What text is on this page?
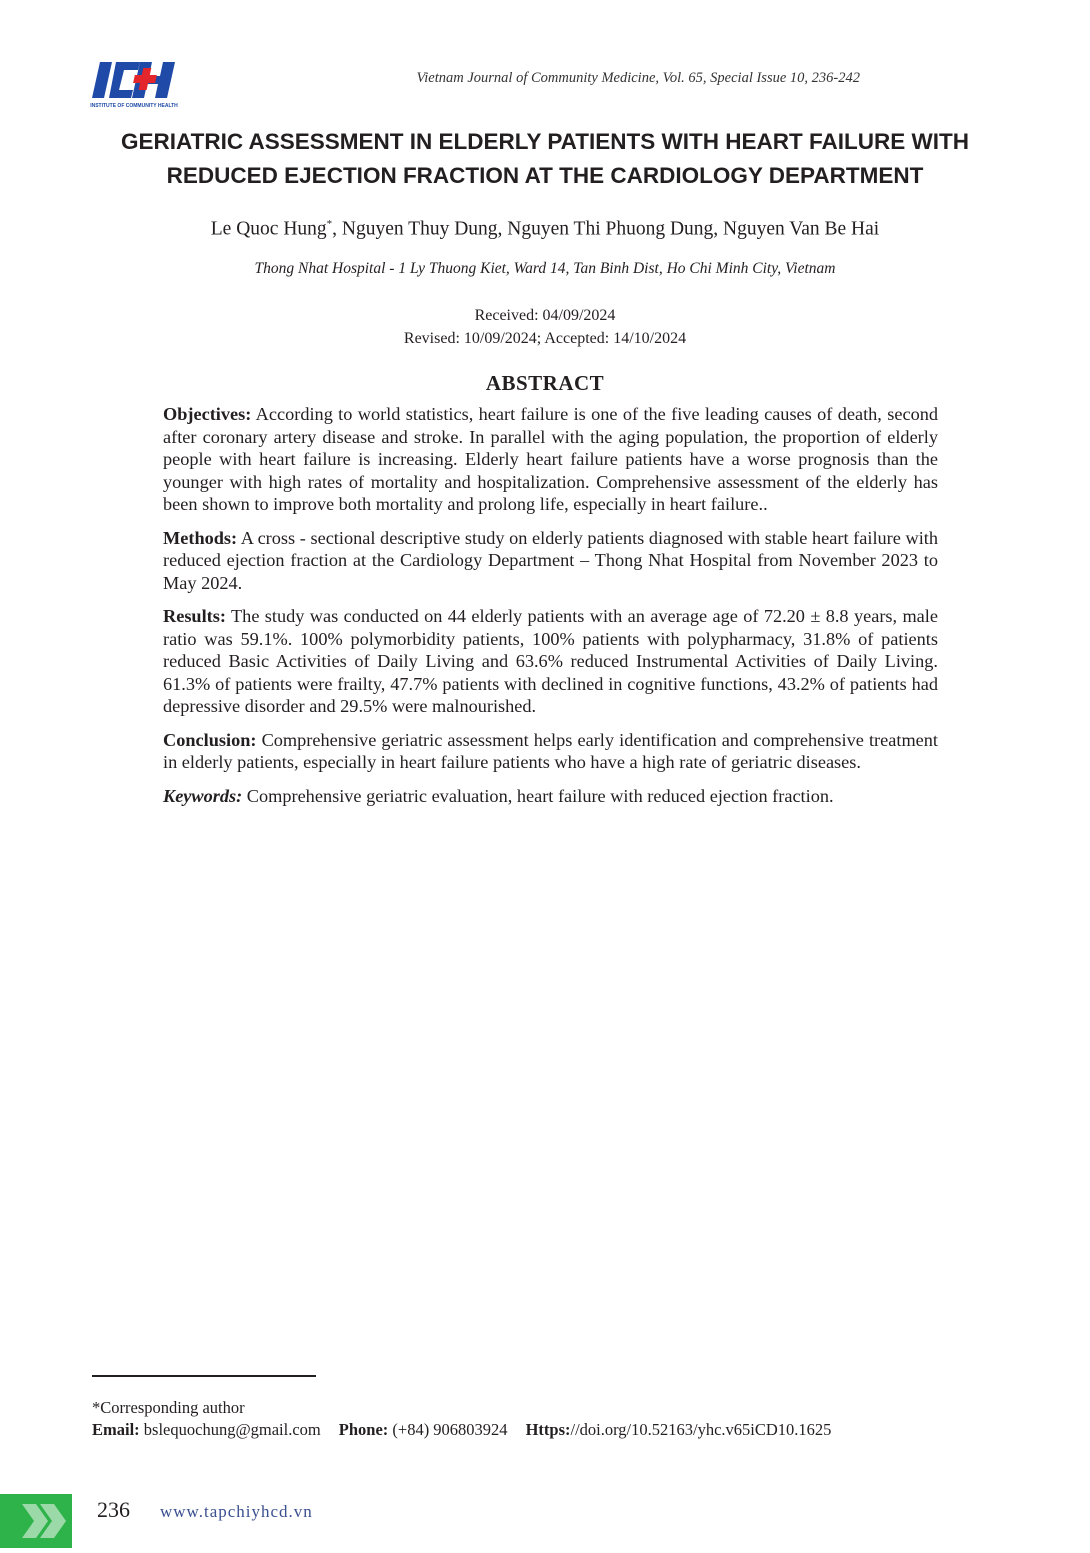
INSTITUTE OF COMMUNITY HEALTH
Vietnam Journal of Community Medicine, Vol. 65, Special Issue 10, 236-242
GERIATRIC ASSESSMENT IN ELDERLY PATIENTS WITH HEART FAILURE WITH
REDUCED EJECTION FRACTION AT THE CARDIOLOGY DEPARTMENT
Le Quoc Hung*, Nguyen Thuy Dung, Nguyen Thi Phuong Dung, Nguyen Van Be Hai
Thong Nhat Hospital - 1 Ly Thuong Kiet, Ward 14, Tan Binh Dist, Ho Chi Minh City, Vietnam
Received: 04/09/2024
Revised: 10/09/2024; Accepted: 14/10/2024
ABSTRACT

Objectives: According to world statistics, heart failure is one of the five leading causes of death, second after coronary artery disease and stroke. In parallel with the aging population, the proportion of elderly people with heart failure is increasing. Elderly heart failure patients have a worse prognosis than the younger with high rates of mortality and hospitalization. Comprehensive assessment of the elderly has been shown to improve both mortality and prolong life, especially in heart failure..

Methods: A cross - sectional descriptive study on elderly patients diagnosed with stable heart failure with reduced ejection fraction at the Cardiology Department – Thong Nhat Hospital from November 2023 to May 2024.

Results: The study was conducted on 44 elderly patients with an average age of 72.20 ± 8.8 years, male ratio was 59.1%. 100% polymorbidity patients, 100% patients with polypharmacy, 31.8% of patients reduced Basic Activities of Daily Living and 63.6% reduced Instrumental Activities of Daily Living. 61.3% of patients were frailty, 47.7% patients with declined in cognitive functions, 43.2% of patients had depressive disorder and 29.5% were malnourished.

Conclusion: Comprehensive geriatric assessment helps early identification and comprehensive treatment in elderly patients, especially in heart failure patients who have a high rate of geriatric diseases.

Keywords: Comprehensive geriatric evaluation, heart failure with reduced ejection fraction.

*Corresponding author
Email: bslequochung@gmail.com Phone: (+84) 906803924 Https://doi.org/10.52163/yhc.v65iCD10.1625
236 www.tapchiyhcd.vn
